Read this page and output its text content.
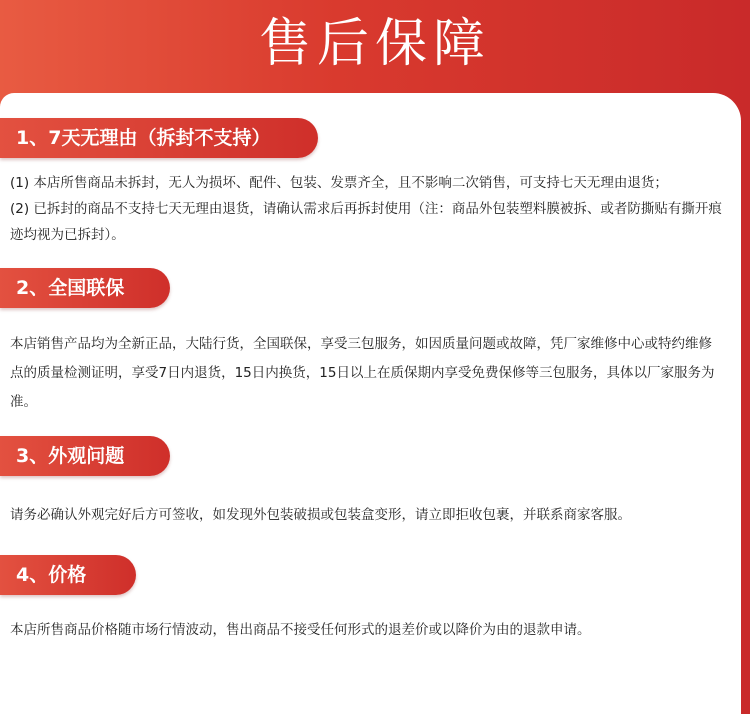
售后保障
1、7天无理由（拆封不支持）
(1) 本店所售商品未拆封，无人为损坏、配件、包装、发票齐全，且不影响二次销售，可支持七天无理由退货；
(2) 已拆封的商品不支持七天无理由退货，请确认需求后再拆封使用（注：商品外包装塑料膜被拆、或者防撕贴有撕开痕迹均视为已拆封）。
2、全国联保
本店销售产品均为全新正品，大陆行货，全国联保，享受三包服务，如因质量问题或故障，凭厂家维修中心或特约维修点的质量检测证明，享受7日内退货，15日内换货，15日以上在质保期内享受免费保修等三包服务，具体以厂家服务为准。
3、外观问题
请务必确认外观完好后方可签收，如发现外包装破损或包装盒变形，请立即拒收包裹，并联系商家客服。
4、价格
本店所售商品价格随市场行情波动，售出商品不接受任何形式的退差价或以降价为由的退款申请。
